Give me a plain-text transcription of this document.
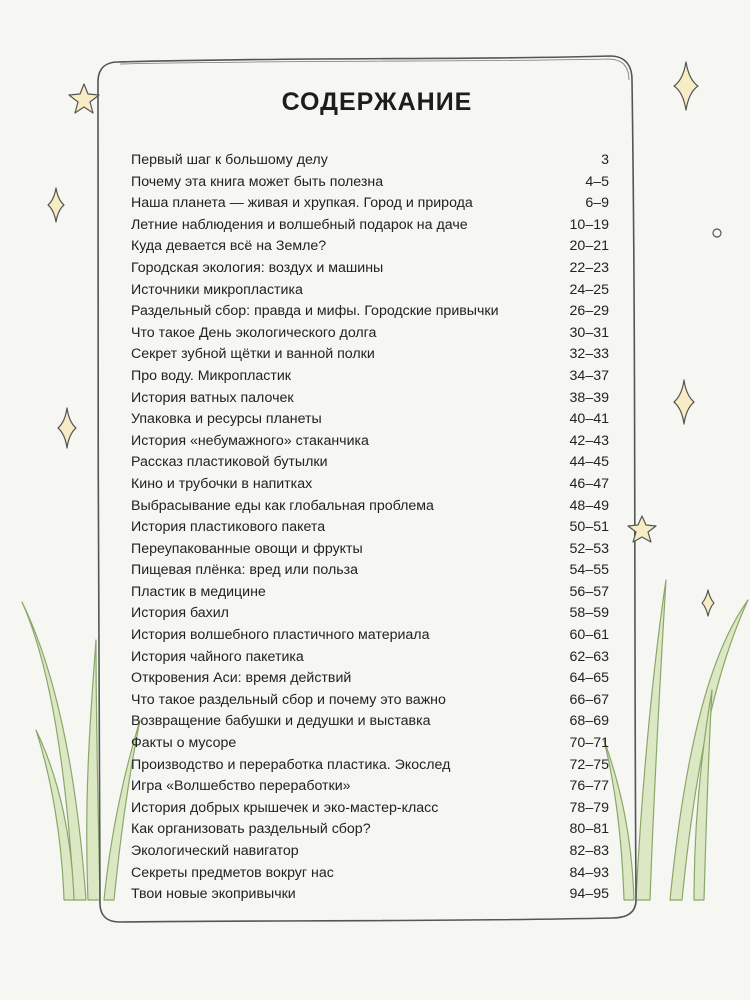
СОДЕРЖАНИЕ
Первый шаг к большому делу	3
Почему эта книга может быть полезна	4–5
Наша планета — живая и хрупкая. Город и природа	6–9
Летние наблюдения и волшебный подарок на даче	10–19
Куда девается всё на Земле?	20–21
Городская экология: воздух и машины	22–23
Источники микропластика	24–25
Раздельный сбор: правда и мифы. Городские привычки	26–29
Что такое День экологического долга	30–31
Секрет зубной щётки и ванной полки	32–33
Про воду. Микропластик	34–37
История ватных палочек	38–39
Упаковка и ресурсы планеты	40–41
История «небумажного» стаканчика	42–43
Рассказ пластиковой бутылки	44–45
Кино и трубочки в напитках	46–47
Выбрасывание еды как глобальная проблема	48–49
История пластикового пакета	50–51
Переупакованные овощи и фрукты	52–53
Пищевая плёнка: вред или польза	54–55
Пластик в медицине	56–57
История бахил	58–59
История волшебного пластичного материала	60–61
История чайного пакетика	62–63
Откровения Аси: время действий	64–65
Что такое раздельный сбор и почему это важно	66–67
Возвращение бабушки и дедушки и выставка	68–69
Факты о мусоре	70–71
Производство и переработка пластика. Экослед	72–75
Игра «Волшебство переработки»	76–77
История добрых крышечек и эко-мастер-класс	78–79
Как организовать раздельный сбор?	80–81
Экологический навигатор	82–83
Секреты предметов вокруг нас	84–93
Твои новые экопривычки	94–95
